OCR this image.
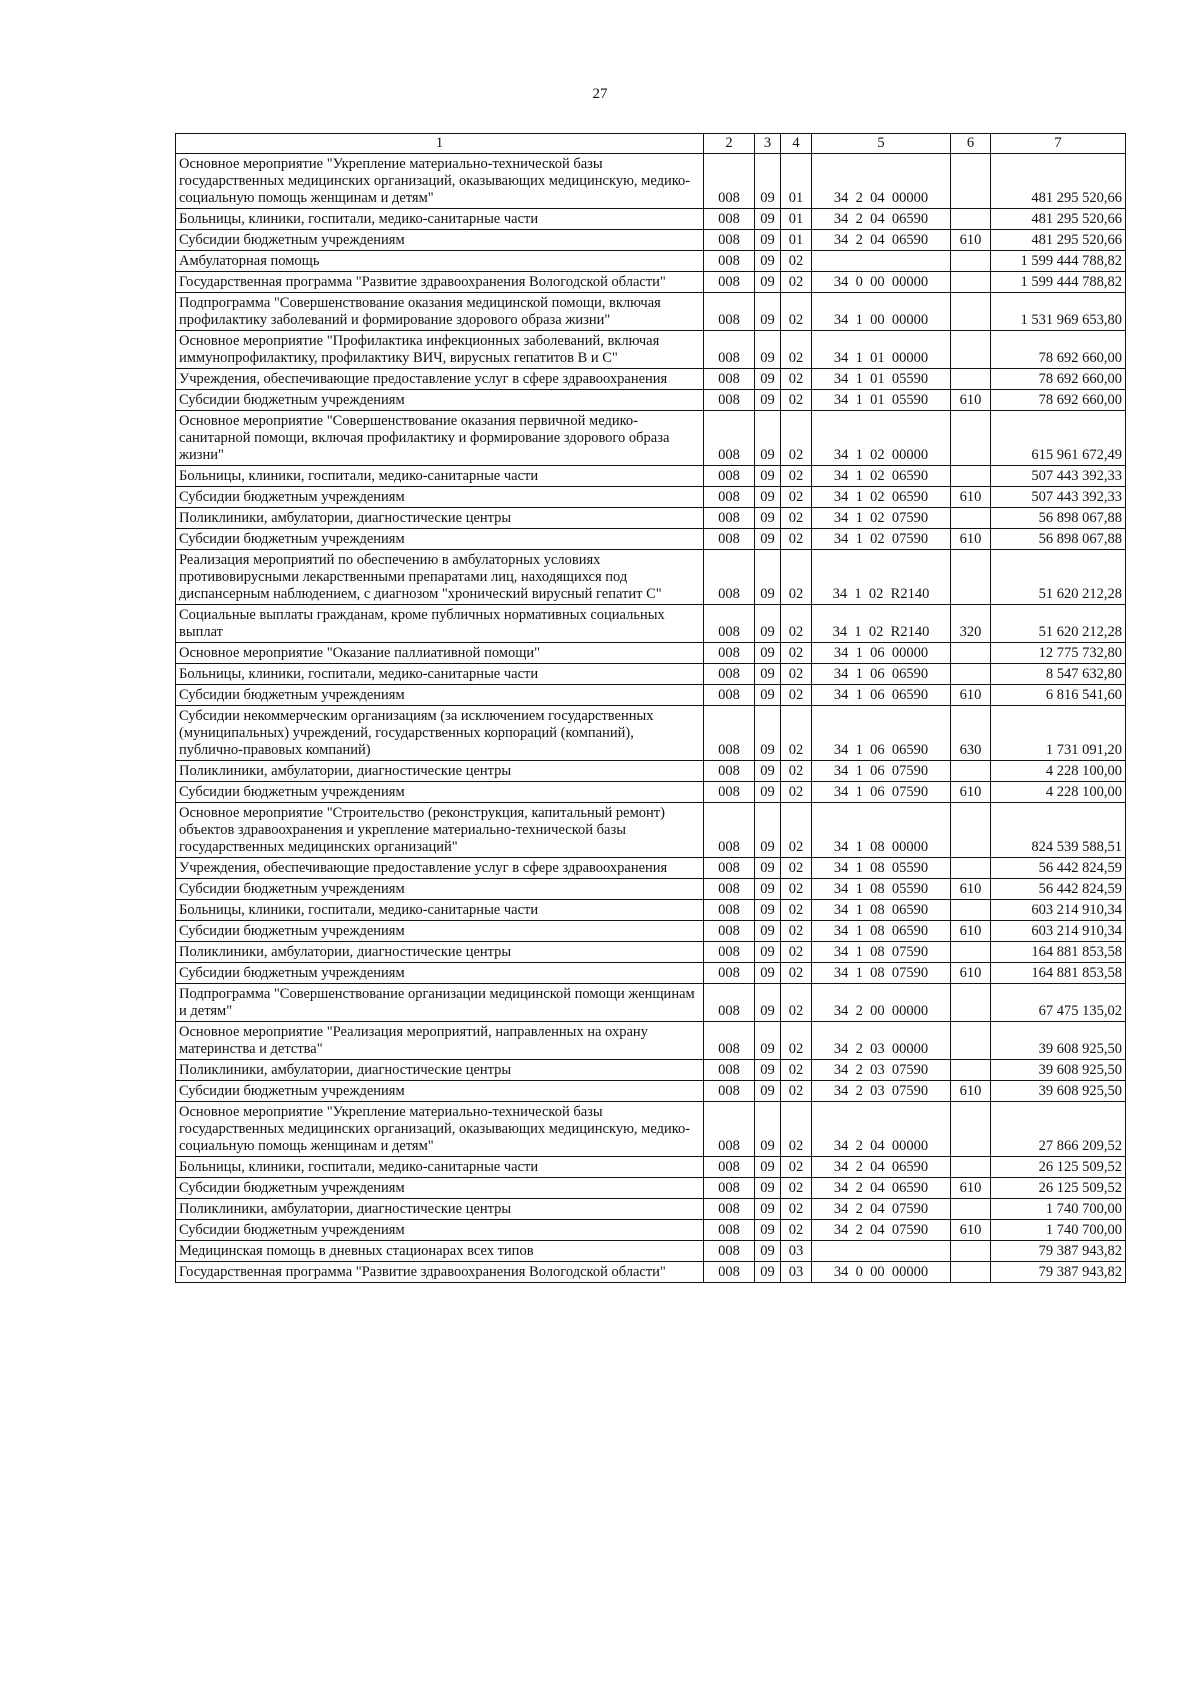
27
1	2	3	4	5	6	7
Основное мероприятие "Укрепление материально-технической базы государственных медицинских организаций, оказывающих медицинскую, медико-социальную помощь женщинам и детям"	008	09	01	34  2  04  00000		481 295 520,66
Больницы, клиники, госпитали, медико-санитарные части	008	09	01	34  2  04  06590		481 295 520,66
Субсидии бюджетным учреждениям	008	09	01	34  2  04  06590	610	481 295 520,66
Амбулаторная помощь	008	09	02			1 599 444 788,82
Государственная программа "Развитие здравоохранения Вологодской области"	008	09	02	34  0  00  00000		1 599 444 788,82
Подпрограмма "Совершенствование оказания медицинской помощи, включая профилактику заболеваний и формирование здорового образа жизни"	008	09	02	34  1  00  00000		1 531 969 653,80
Основное мероприятие "Профилактика инфекционных заболеваний, включая иммунопрофилактику, профилактику ВИЧ, вирусных гепатитов В и С"	008	09	02	34  1  01  00000		78 692 660,00
Учреждения, обеспечивающие предоставление услуг в сфере здравоохранения	008	09	02	34  1  01  05590		78 692 660,00
Субсидии бюджетным учреждениям	008	09	02	34  1  01  05590	610	78 692 660,00
Основное мероприятие "Совершенствование оказания первичной медико-санитарной помощи, включая профилактику и формирование здорового образа жизни"	008	09	02	34  1  02  00000		615 961 672,49
Больницы, клиники, госпитали, медико-санитарные части	008	09	02	34  1  02  06590		507 443 392,33
Субсидии бюджетным учреждениям	008	09	02	34  1  02  06590	610	507 443 392,33
Поликлиники, амбулатории, диагностические центры	008	09	02	34  1  02  07590		56 898 067,88
Субсидии бюджетным учреждениям	008	09	02	34  1  02  07590	610	56 898 067,88
Реализация мероприятий по обеспечению в амбулаторных условиях противовирусными лекарственными препаратами лиц, находящихся под диспансерным наблюдением, с диагнозом "хронический вирусный гепатит С"	008	09	02	34  1  02  R2140		51 620 212,28
Социальные выплаты гражданам, кроме публичных нормативных социальных выплат	008	09	02	34  1  02  R2140	320	51 620 212,28
Основное мероприятие "Оказание паллиативной помощи"	008	09	02	34  1  06  00000		12 775 732,80
Больницы, клиники, госпитали, медико-санитарные части	008	09	02	34  1  06  06590		8 547 632,80
Субсидии бюджетным учреждениям	008	09	02	34  1  06  06590	610	6 816 541,60
Субсидии некоммерческим организациям (за исключением государственных (муниципальных) учреждений, государственных корпораций (компаний), публично-правовых компаний)	008	09	02	34  1  06  06590	630	1 731 091,20
Поликлиники, амбулатории, диагностические центры	008	09	02	34  1  06  07590		4 228 100,00
Субсидии бюджетным учреждениям	008	09	02	34  1  06  07590	610	4 228 100,00
Основное мероприятие "Строительство (реконструкция, капитальный ремонт) объектов здравоохранения и укрепление материально-технической базы государственных медицинских организаций"	008	09	02	34  1  08  00000		824 539 588,51
Учреждения, обеспечивающие предоставление услуг в сфере здравоохранения	008	09	02	34  1  08  05590		56 442 824,59
Субсидии бюджетным учреждениям	008	09	02	34  1  08  05590	610	56 442 824,59
Больницы, клиники, госпитали, медико-санитарные части	008	09	02	34  1  08  06590		603 214 910,34
Субсидии бюджетным учреждениям	008	09	02	34  1  08  06590	610	603 214 910,34
Поликлиники, амбулатории, диагностические центры	008	09	02	34  1  08  07590		164 881 853,58
Субсидии бюджетным учреждениям	008	09	02	34  1  08  07590	610	164 881 853,58
Подпрограмма "Совершенствование организации медицинской помощи женщинам и детям"	008	09	02	34  2  00  00000		67 475 135,02
Основное мероприятие "Реализация мероприятий, направленных на охрану материнства и детства"	008	09	02	34  2  03  00000		39 608 925,50
Поликлиники, амбулатории, диагностические центры	008	09	02	34  2  03  07590		39 608 925,50
Субсидии бюджетным учреждениям	008	09	02	34  2  03  07590	610	39 608 925,50
Основное мероприятие "Укрепление материально-технической базы государственных медицинских организаций, оказывающих медицинскую, медико-социальную помощь женщинам и детям"	008	09	02	34  2  04  00000		27 866 209,52
Больницы, клиники, госпитали, медико-санитарные части	008	09	02	34  2  04  06590		26 125 509,52
Субсидии бюджетным учреждениям	008	09	02	34  2  04  06590	610	26 125 509,52
Поликлиники, амбулатории, диагностические центры	008	09	02	34  2  04  07590		1 740 700,00
Субсидии бюджетным учреждениям	008	09	02	34  2  04  07590	610	1 740 700,00
Медицинская помощь в дневных стационарах всех типов	008	09	03			79 387 943,82
Государственная программа "Развитие здравоохранения Вологодской области"	008	09	03	34  0  00  00000		79 387 943,82
